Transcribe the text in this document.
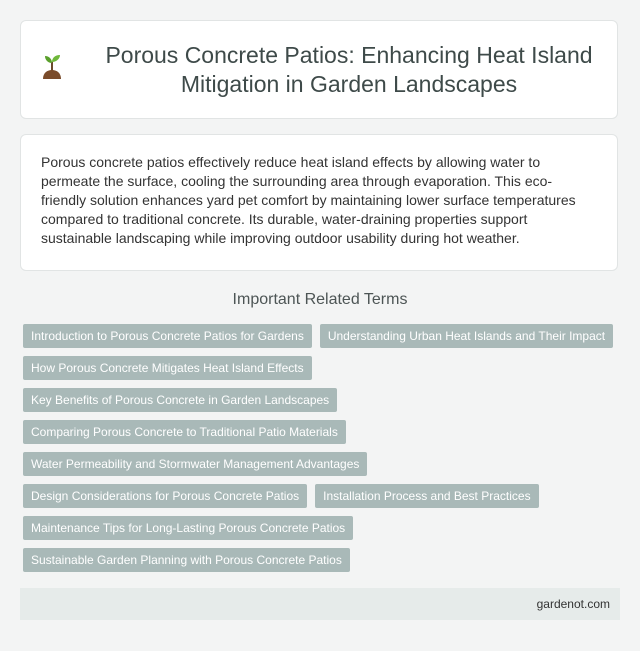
Porous Concrete Patios: Enhancing Heat Island Mitigation in Garden Landscapes

Porous concrete patios effectively reduce heat island effects by allowing water to permeate the surface, cooling the surrounding area through evaporation. This eco-friendly solution enhances yard pet comfort by maintaining lower surface temperatures compared to traditional concrete. Its durable, water-draining properties support sustainable landscaping while improving outdoor usability during hot weather.

Important Related Terms
Introduction to Porous Concrete Patios for Gardens	Understanding Urban Heat Islands and Their Impact
How Porous Concrete Mitigates Heat Island Effects
Key Benefits of Porous Concrete in Garden Landscapes
Comparing Porous Concrete to Traditional Patio Materials
Water Permeability and Stormwater Management Advantages
Design Considerations for Porous Concrete Patios	Installation Process and Best Practices
Maintenance Tips for Long-Lasting Porous Concrete Patios
Sustainable Garden Planning with Porous Concrete Patios
gardenot.com
